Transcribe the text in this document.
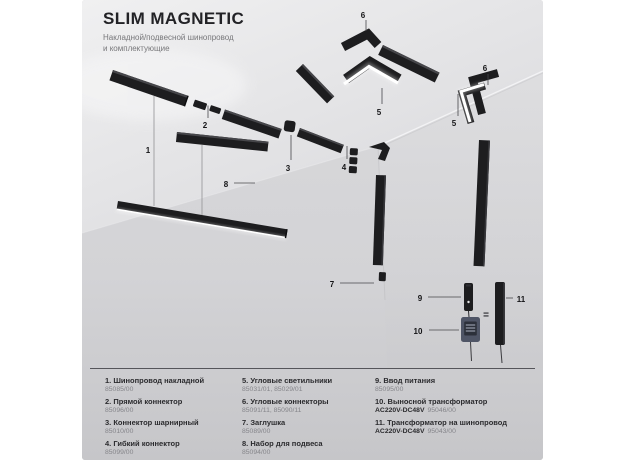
1
2
3	4
5
5
6
6
7
8
9
10
11
=
SLIM MAGNETIC
Накладной/подвесной шинопровод
и комплектующие
1. Шинопровод накладной
85085/00
2. Прямой коннектор
85096/00
3. Коннектор шарнирный
85010/00
4. Гибкий коннектор
85099/00
5. Угловые светильники
85031/01, 85029/01
6. Угловые коннекторы
85091/11, 85090/11
7. Заглушка
85089/00
8. Набор для подвеса
85094/00
9. Ввод питания
85095/00
10. Выносной трансформатор
AC220V-DC48V 95046/00
11. Трансформатор на шинопровод
AC220V-DC48V 95043/00
